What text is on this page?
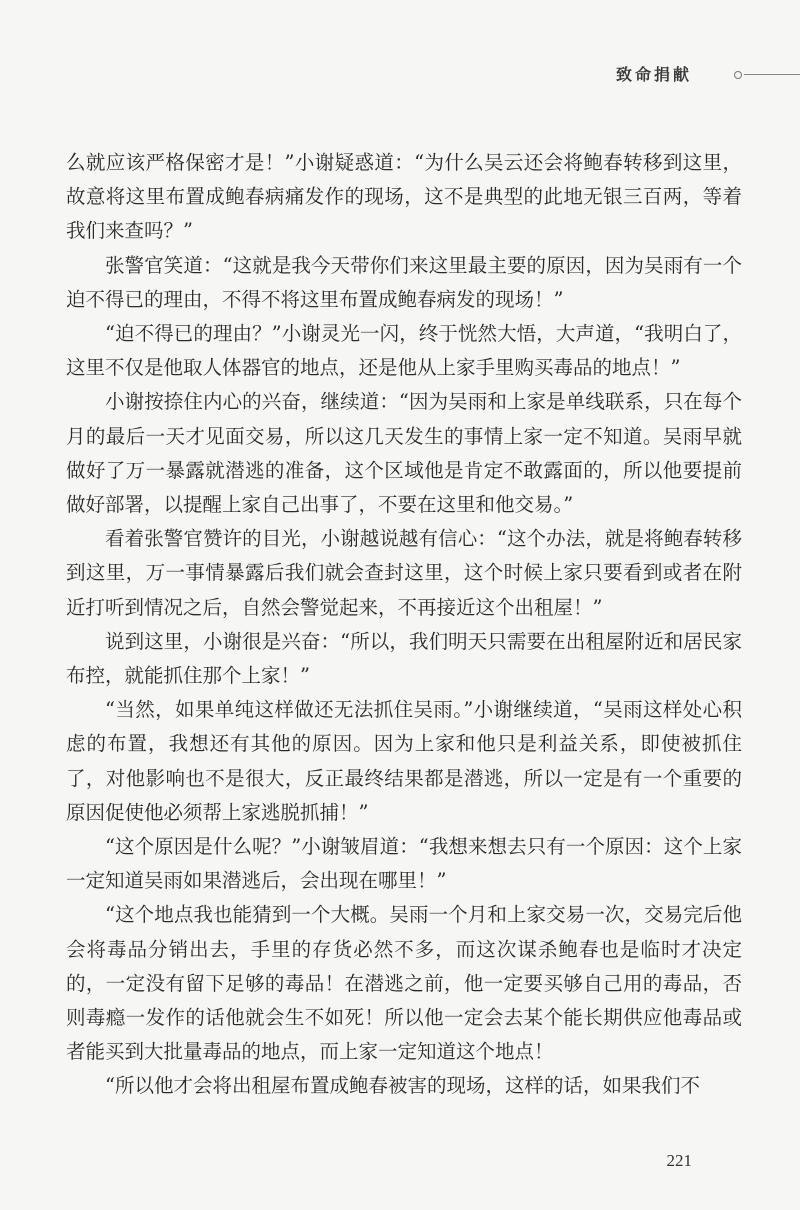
致命捐献

么就应该严格保密才是！”小谢疑惑道：“为什么吴云还会将鲍春转移到这里，故意将这里布置成鲍春病痛发作的现场，这不是典型的此地无银三百两，等着我们来查吗？”

张警官笑道：“这就是我今天带你们来这里最主要的原因，因为吴雨有一个迫不得已的理由，不得不将这里布置成鲍春病发的现场！”

“迫不得已的理由？”小谢灵光一闪，终于恍然大悟，大声道，“我明白了，这里不仅是他取人体器官的地点，还是他从上家手里购买毒品的地点！”

小谢按捺住内心的兴奋，继续道：“因为吴雨和上家是单线联系，只在每个月的最后一天才见面交易，所以这几天发生的事情上家一定不知道。吴雨早就做好了万一暴露就潜逃的准备，这个区域他是肯定不敢露面的，所以他要提前做好部署，以提醒上家自己出事了，不要在这里和他交易。”

看着张警官赞许的目光，小谢越说越有信心：“这个办法，就是将鲍春转移到这里，万一事情暴露后我们就会查封这里，这个时候上家只要看到或者在附近打听到情况之后，自然会警觉起来，不再接近这个出租屋！”

说到这里，小谢很是兴奋：“所以，我们明天只需要在出租屋附近和居民家布控，就能抓住那个上家！”

“当然，如果单纯这样做还无法抓住吴雨。”小谢继续道，“吴雨这样处心积虑的布置，我想还有其他的原因。因为上家和他只是利益关系，即使被抓住了，对他影响也不是很大，反正最终结果都是潜逃，所以一定是有一个重要的原因促使他必须帮上家逃脱抓捕！”

“这个原因是什么呢？”小谢皱眉道：“我想来想去只有一个原因：这个上家一定知道吴雨如果潜逃后，会出现在哪里！”

“这个地点我也能猜到一个大概。吴雨一个月和上家交易一次，交易完后他会将毒品分销出去，手里的存货必然不多，而这次谋杀鲍春也是临时才决定的，一定没有留下足够的毒品！在潜逃之前，他一定要买够自己用的毒品，否则毒瘾一发作的话他就会生不如死！所以他一定会去某个能长期供应他毒品或者能买到大批量毒品的地点，而上家一定知道这个地点！

“所以他才会将出租屋布置成鲍春被害的现场，这样的话，如果我们不

221
